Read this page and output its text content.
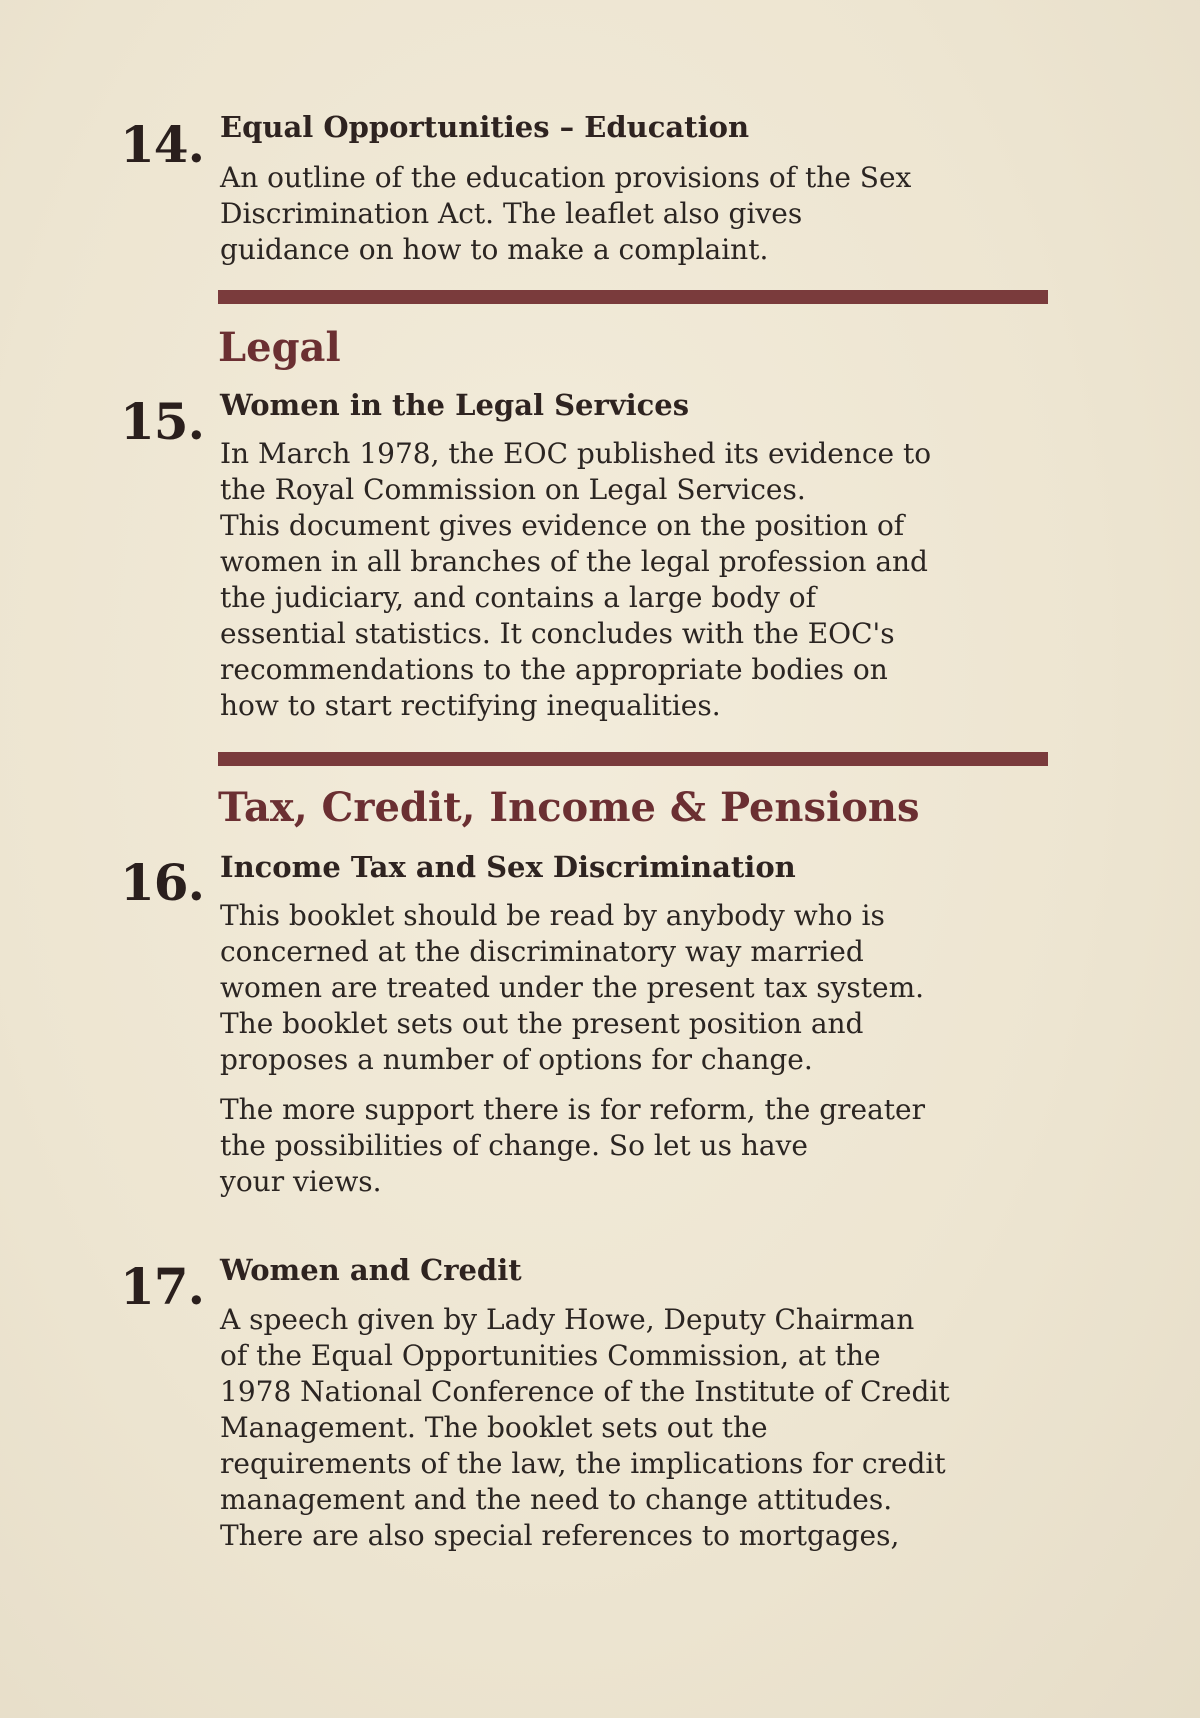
14. Equal Opportunities – Education

An outline of the education provisions of the Sex
Discrimination Act. The leaflet also gives
guidance on how to make a complaint.

Legal
15. Women in the Legal Services

In March 1978, the EOC published its evidence to
the Royal Commission on Legal Services.
This document gives evidence on the position of
women in all branches of the legal profession and
the judiciary, and contains a large body of
essential statistics. It concludes with the EOC's
recommendations to the appropriate bodies on
how to start rectifying inequalities.

Tax, Credit, Income & Pensions
16. Income Tax and Sex Discrimination

This booklet should be read by anybody who is
concerned at the discriminatory way married
women are treated under the present tax system.
The booklet sets out the present position and
proposes a number of options for change.

The more support there is for reform, the greater
the possibilities of change. So let us have
your views.

17. Women and Credit

A speech given by Lady Howe, Deputy Chairman
of the Equal Opportunities Commission, at the
1978 National Conference of the Institute of Credit
Management. The booklet sets out the
requirements of the law, the implications for credit
management and the need to change attitudes.
There are also special references to mortgages,
